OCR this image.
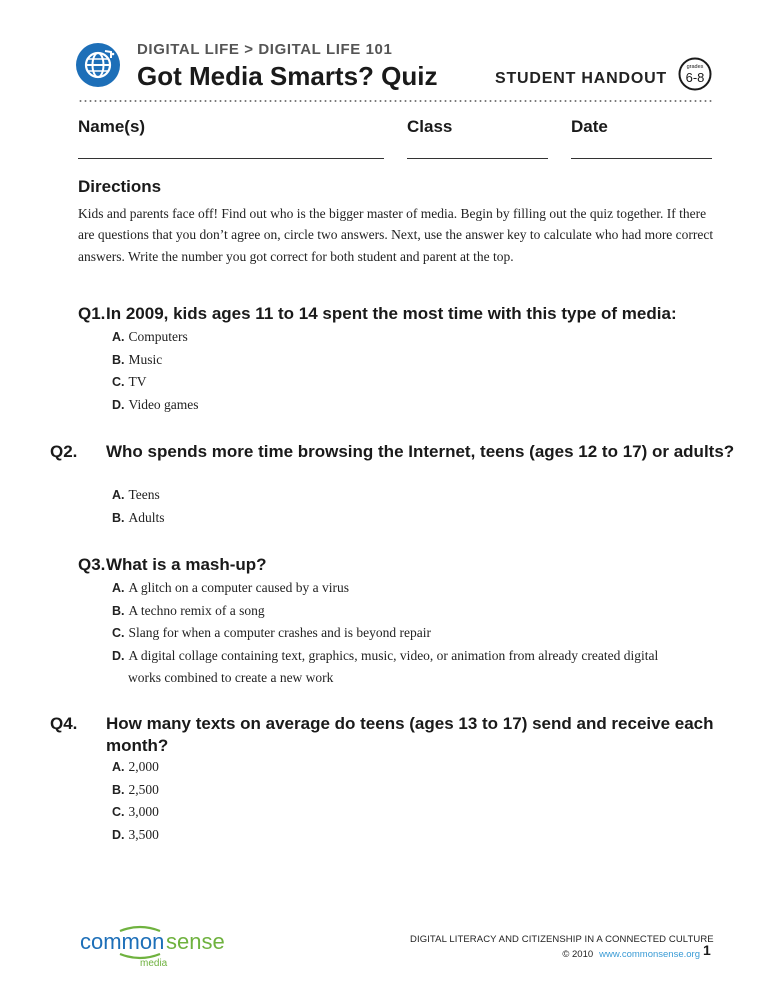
DIGITAL LIFE > DIGITAL LIFE 101
Got Media Smarts? Quiz	STUDENT HANDOUT
grades
6-8
Name(s)	Class	Date
Directions
Kids and parents face off! Find out who is the bigger master of media. Begin by filling out the quiz together. If there are questions that you don’t agree on, circle two answers. Next, use the answer key to calculate who had more correct answers. Write the number you got correct for both student and parent at the top.
Q1.In 2009, kids ages 11 to 14 spent the most time with this type of media:
A. Computers
B. Music
C. TV
D. Video games
Q2. Who spends more time browsing the Internet, teens (ages 12 to 17) or adults?
A. Teens
B. Adults
Q3.What is a mash-up?
A. A glitch on a computer caused by a virus
B. A techno remix of a song
C. Slang for when a computer crashes and is beyond repair
D. A digital collage containing text, graphics, music, video, or animation from already created digital works combined to create a new work
Q4. How many texts on average do teens (ages 13 to 17) send and receive each month?
A. 2,000
B. 2,500
C. 3,000
D. 3,500
common sense
media
DIGITAL LITERACY AND CITIZENSHIP IN A CONNECTED CULTURE
© 2010 www.commonsense.org 1
